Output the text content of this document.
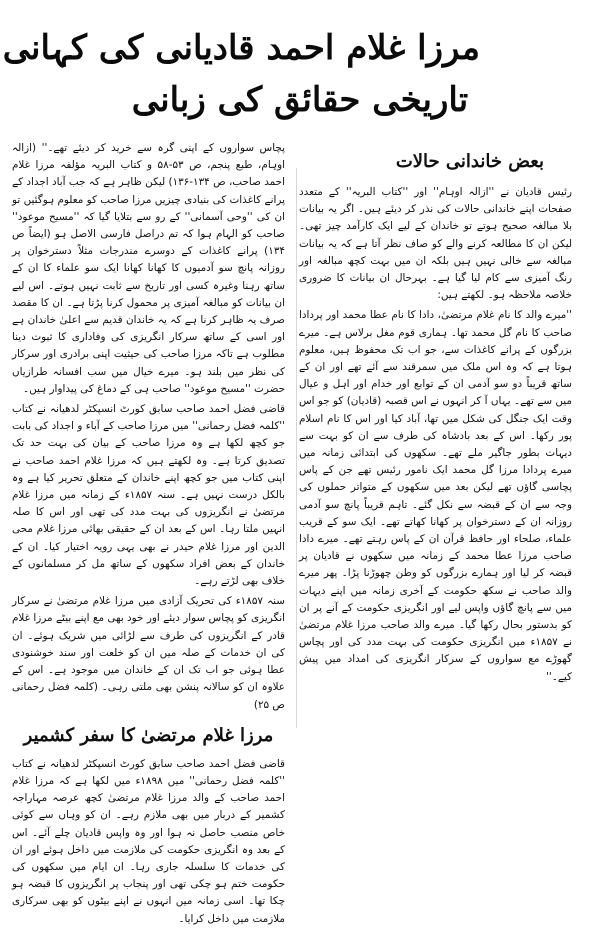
مرزا غلام احمد قادیانی کی کہانی
تاریخی حقائق کی زبانی
بعض خاندانی حالات

رئیس قادیان نے ''ازالہ اوہام'' اور ''کتاب البریہ'' کے متعدد صفحات اپنے خاندانی حالات کی نذر کر دیئے ہیں۔ اگر یہ بیانات بلا مبالغہ صحیح ہوتے تو خاندان کے لیے ایک کارآمد چیز تھی۔ لیکن ان کا مطالعہ کرنے والے کو صاف نظر آتا ہے کہ یہ بیانات مبالغہ سے خالی نہیں ہیں بلکہ ان میں بہت کچھ مبالغہ اور رنگ آمیزی سے کام لیا گیا ہے۔ بہرحال ان بیانات کا ضروری خلاصہ ملاحظہ ہو۔ لکھتے ہیں:

''میرے والد کا نام غلام مرتضیٰ، دادا کا نام عطا محمد اور پردادا صاحب کا نام گل محمد تھا۔ ہماری قوم مغل برلاس ہے۔ میرے بزرگوں کے پرانے کاغذات سے، جو اب تک محفوظ ہیں، معلوم ہوتا ہے کہ وہ اس ملک میں سمرقند سے آئے تھے اور ان کے ساتھ قریباً دو سو آدمی ان کے توابع اور خدام اور اہل و عیال میں سے تھے۔ یہاں آ کر انہوں نے اس قصبہ (قادیان) کو جو اس وقت ایک جنگل کی شکل میں تھا، آباد کیا اور اس کا نام اسلام پور رکھا۔ اس کے بعد بادشاہ کی طرف سے ان کو بہت سے دیہات بطور جاگیر ملے تھے۔ سکھوں کی ابتدائی زمانہ میں میرے پردادا مرزا گل محمد ایک نامور رئیس تھے جن کے پاس پچاسی گاؤں تھے لیکن بعد میں سکھوں کے متواتر حملوں کی وجہ سے ان کے قبضہ سے نکل گئے۔ تاہم قریباً پانچ سو آدمی روزانہ ان کے دسترخوان پر کھانا کھاتے تھے۔ ایک سو کے قریب علماء، صلحاء اور حافظ قرآن ان کے پاس رہتے تھے۔ میرے دادا صاحب مرزا عطا محمد کے زمانہ میں سکھوں نے قادیان پر قبضہ کر لیا اور ہمارے بزرگوں کو وطن چھوڑنا پڑا۔ پھر میرے والد صاحب نے سکھ حکومت کے آخری زمانہ میں اپنے دیہات میں سے پانچ گاؤں واپس لیے اور انگریزی حکومت کے آنے پر ان کو بدستور بحال رکھا گیا۔ میرے والد صاحب مرزا غلام مرتضیٰ نے ۱۸۵۷ء میں انگریزی حکومت کی بہت مدد کی اور پچاس گھوڑے مع سواروں کے سرکار انگریزی کی امداد میں پیش کیے۔''

پچاس سواروں کے اپنی گرہ سے خرید کر دیئے تھے۔'' (ازالہ اوہام، طبع پنجم، ص ۵۳-۵۸ و کتاب البریہ مؤلفہ مرزا غلام احمد صاحب، ص ۱۳۴-۱۳۶) لیکن ظاہر ہے کہ جب آباد اجداد کے پرانے کاغذات کی بنیادی چیزیں مرزا صاحب کو معلوم ہوگئیں تو ان کی ''وحی آسمانی'' کے رو سے بتلایا گیا کہ ''مسیح موعود'' صاحب کو الہام ہوا کہ تم دراصل فارسی الاصل ہو (ایضاً ص ۱۳۴) پرانے کاغذات کے دوسرے مندرجات مثلاً دسترخوان پر روزانہ پانچ سو آدمیوں کا کھانا کھانا ایک سو علماء کا ان کے ساتھ رہنا وغیرہ کسی اور تاریخ سے ثابت نہیں ہوتے۔ اس لیے ان بیانات کو مبالغہ آمیزی پر محمول کرنا پڑتا ہے۔ ان کا مقصد صرف یہ ظاہر کرنا ہے کہ یہ خاندان قدیم سے اعلیٰ خاندان ہے اور اسی کے ساتھ سرکار انگریزی کی وفاداری کا ثبوت دینا مطلوب ہے تاکہ مرزا صاحب کی حیثیت اپنی برادری اور سرکار کی نظر میں بلند ہو۔ میرے خیال میں سب افسانہ طرازیاں حضرت ''مسیح موعود'' صاحب ہی کے دماغ کی پیداوار ہیں۔

قاضی فضل احمد صاحب سابق کورٹ انسپکٹر لدھیانہ نے کتاب ''کلمہ فضل رحمانی'' میں مرزا صاحب کے آباء و اجداد کی بابت جو کچھ لکھا ہے وہ مرزا صاحب کے بیان کی بہت حد تک تصدیق کرتا ہے۔ وہ لکھتے ہیں کہ مرزا غلام احمد صاحب نے اپنی کتاب میں جو کچھ اپنے خاندان کے متعلق تحریر کیا ہے وہ بالکل درست نہیں ہے۔ سنہ ۱۸۵۷ء کے زمانہ میں مرزا غلام مرتضیٰ نے انگریزوں کی بہت مدد کی تھی اور اس کا صلہ انہیں ملتا رہا۔ اس کے بعد ان کے حقیقی بھائی مرزا غلام محی الدین اور مرزا غلام حیدر نے بھی یہی رویہ اختیار کیا۔ ان کے خاندان کے بعض افراد سکھوں کے ساتھ مل کر مسلمانوں کے خلاف بھی لڑتے رہے۔

سنہ ۱۸۵۷ء کی تحریک آزادی میں مرزا غلام مرتضیٰ نے سرکار انگریزی کو پچاس سوار دیئے اور خود بھی مع اپنے بیٹے مرزا غلام قادر کے انگریزوں کی طرف سے لڑائی میں شریک ہوئے۔ ان کی ان خدمات کے صلہ میں ان کو خلعت اور سند خوشنودی عطا ہوئی جو اب تک ان کے خاندان میں موجود ہے۔ اس کے علاوہ ان کو سالانہ پنشن بھی ملتی رہی۔ (کلمہ فضل رحمانی ص ۲۵)

مرزا غلام مرتضیٰ کا سفر کشمیر

قاضی فضل احمد صاحب سابق کورٹ انسپکٹر لدھیانہ نے کتاب ''کلمہ فضل رحمانی'' میں ۱۸۹۸ء میں لکھا ہے کہ مرزا غلام احمد صاحب کے والد مرزا غلام مرتضیٰ کچھ عرصہ مہاراجہ کشمیر کے دربار میں بھی ملازم رہے۔ ان کو وہاں سے کوئی خاص منصب حاصل نہ ہوا اور وہ واپس قادیان چلے آئے۔ اس کے بعد وہ انگریزی حکومت کی ملازمت میں داخل ہوئے اور ان کی خدمات کا سلسلہ جاری رہا۔ ان ایام میں سکھوں کی حکومت ختم ہو چکی تھی اور پنجاب پر انگریزوں کا قبضہ ہو چکا تھا۔ اسی زمانہ میں انہوں نے اپنے بیٹوں کو بھی سرکاری ملازمت میں داخل کرایا۔
